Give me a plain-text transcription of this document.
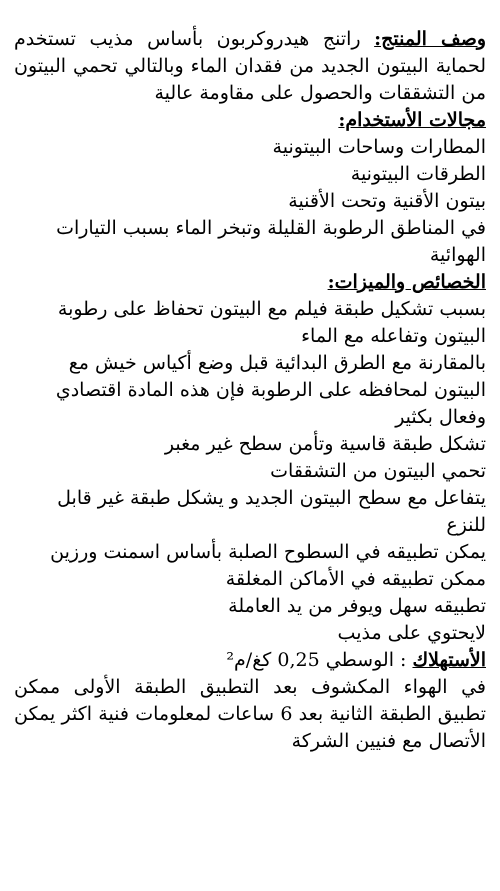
وصف المنتج: راتنج هيدروكربون بأساس مذيب تستخدم لحماية البيتون الجديد من فقدان الماء وبالتالي تحمي البيتون من التشققات والحصول على مقاومة عالية

مجالات الأستخدام:

المطارات وساحات البيتونية

الطرقات البيتونية

بيتون الأقنية وتحت الأقنية

في المناطق الرطوبة القليلة وتبخر الماء بسبب التيارات الهوائية

الخصائص والميزات:

بسبب تشكيل طبقة فيلم مع البيتون تحفاظ على رطوبة البيتون وتفاعله مع الماء

بالمقارنة مع الطرق البدائية قبل وضع أكياس خيش مع البيتون لمحافظه على الرطوبة فإن هذه المادة اقتصادي وفعال بكثير

تشكل طبقة قاسية وتأمن سطح غير مغبر

تحمي البيتون من التشققات

يتفاعل مع سطح البيتون الجديد و يشكل طبقة غير قابل للنزع

يمكن تطبيقه في السطوح الصلبة بأساس اسمنت ورزين

ممكن تطبيقه في الأماكن المغلقة

تطبيقه سهل ويوفر من يد العاملة

لايحتوي على مذيب

الأستهلاك : الوسطي 0,25 كغ/م²

في الهواء المكشوف بعد التطبيق الطبقة الأولى ممكن تطبيق الطبقة الثانية بعد 6 ساعات لمعلومات فنية اكثر يمكن الأتصال مع فنيين الشركة
